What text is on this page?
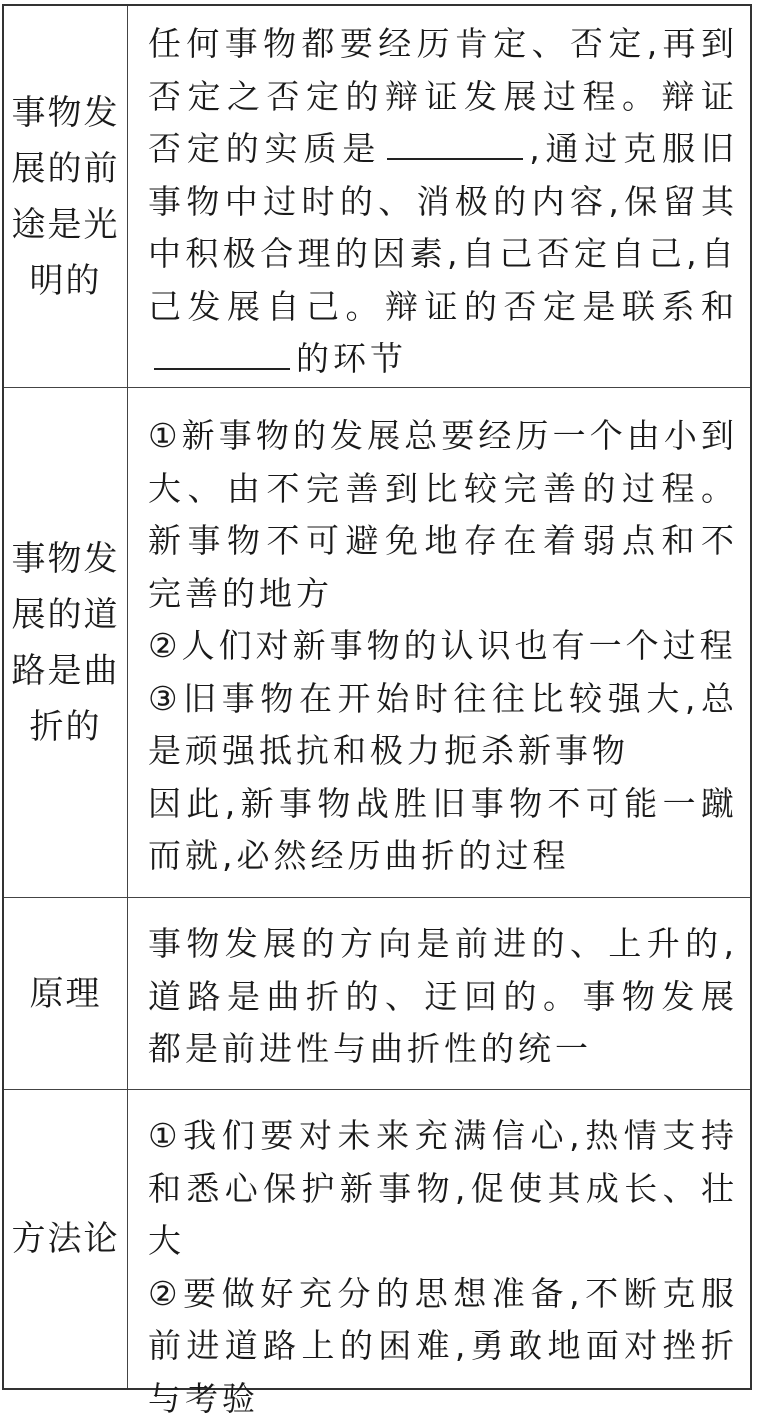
事物发展的前途是光明的
任何事物都要经历肯定、否定,再到否定之否定的辩证发展过程。辩证否定的实质是	,通过克服旧事物中过时的、消极的内容,保留其中积极合理的因素,自己否定自己,自己发展自己。辩证的否定是联系和的环节
事物发展的道路是曲折的
①新事物的发展总要经历一个由小到大、由不完善到比较完善的过程。新事物不可避免地存在着弱点和不完善的地方
②人们对新事物的认识也有一个过程
③旧事物在开始时往往比较强大,总是顽强抵抗和极力扼杀新事物
因此,新事物战胜旧事物不可能一蹴而就,必然经历曲折的过程
原理
事物发展的方向是前进的、上升的,道路是曲折的、迂回的。事物发展都是前进性与曲折性的统一
方法论
①我们要对未来充满信心,热情支持和悉心保护新事物,促使其成长、壮大
②要做好充分的思想准备,不断克服前进道路上的困难,勇敢地面对挫折与考验
